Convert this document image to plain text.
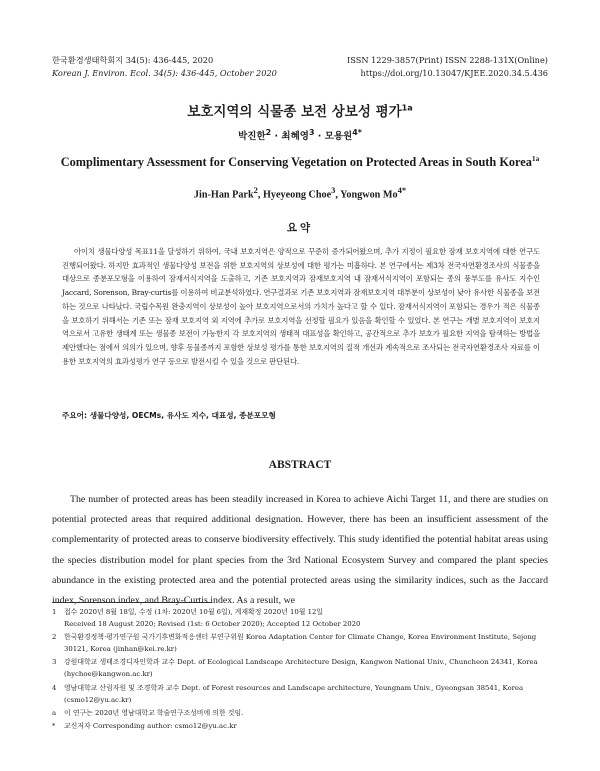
한국환경생태학회지 34(5): 436-445, 2020
Korean J. Environ. Ecol. 34(5): 436-445, October 2020
ISSN 1229-3857(Print) ISSN 2288-131X(Online)
https://doi.org/10.13047/KJEE.2020.34.5.436
보호지역의 식물종 보전 상보성 평가$^{1a}$
박진한$^2$ · 최혜영$^3$ · 모용원$^{4*}$
Complimentary Assessment for Conserving Vegetation on Protected Areas in South Korea$^{1a}$
Jin-Han Park$^2$, Hyeyeong Choe$^3$, Yongwon $Mo^{4*}$
요약
아이치 생물다양성 목표11을 달성하기 위하여, 국내 보호지역은 양적으로 꾸준히 증가되어왔으며, 추가 지정이 필요한 잠재 보호지역에 대한 연구도 진행되어왔다. 하지만 효과적인 생물다양성 보전을 위한 보호지역의 상보성에 대한 평가는 미흡하다. 본 연구에서는 제3차 전국자연환경조사의 식물종을 대상으로 종분포모형을 이용하여 잠재서식지역을 도출하고, 기존 보호지역과 잠재보호지역 내 잠재서식지역이 포함되는 종의 풍부도를 유사도 지수인 Jaccard, Sorenson, Bray-curtis를 이용하여 비교분석하였다. 연구결과로 기존 보호지역과 잠재보호지역 대부분이 상보성이 낮아 유사한 식물종을 보전하는 것으로 나타났다. 국립수목원 완충지역이 상보성이 높아 보호지역으로서의 가치가 높다고 할 수 있다. 잠재서식지역이 포함되는 경우가 적은 식물종을 보호하기 위해서는 기존 또는 잠재 보호지역 외 지역에 추가로 보호지역을 선정할 필요가 있음을 확인할 수 있었다. 본 연구는 개별 보호지역이 보호지역으로서 고유한 생태계 또는 생물종 보전이 가능한지 각 보호지역의 생태적 대표성을 확인하고, 공간적으로 추가 보호가 필요한 지역을 탐색하는 방법을 제안했다는 점에서 의의가 있으며, 향후 동물종까지 포함한 상보성 평가를 통한 보호지역의 질적 개선과 계속적으로 조사되는 전국자연환경조사 자료를 이용한 보호지역의 효과성평가 연구 등으로 발전시킬 수 있을 것으로 판단된다.
주요어: 생물다양성, OECMs, 유사도 지수, 대표성, 종분포모형
ABSTRACT
The number of protected areas has been steadily increased in Korea to achieve Aichi Target 11, and there are studies on potential protected areas that required additional designation. However, there has been an insufficient assessment of the complementarity of protected areas to conserve biodiversity effectively. This study identified the potential habitat areas using the species distribution model for plant species from the 3rd National Ecosystem Survey and compared the plant species abundance in the existing protected area and the potential protected areas using the similarity indices, such as the Jaccard index, Sorenson index, and Bray-Curtis index. As a result, we
1 접수 2020년 8월 18일, 수정 (1차: 2020년 10월 6일), 게재확정 2020년 10월 12일
Received 18 August 2020; Revised (1st: 6 October 2020); Accepted 12 October 2020
2 한국환경정책·평가연구원 국가기후변화적응센터 부연구위원 Korea Adaptation Center for Climate Change, Korea Environment Institute, Sejong 30121, Korea (jinhan@kei.re.kr)
3 강원대학교 생태조경디자인학과 교수 Dept. of Ecological Landscape Architecture Design, Kangwon National Univ., Chuncheon 24341, Korea (hychoe@kangwon.ac.kr)
4 영남대학교 산림자원 및 조경학과 교수 Dept. of Forest resources and Landscape architecture, Yeungnam Univ., Gyeongsan 38541, Korea (csmo12@yu.ac.kr)
a 이 연구는 2020년 영남대학교 학술연구조성비에 의한 것임.
* 교신저자 Corresponding author: csmo12@yu.ac.kr
